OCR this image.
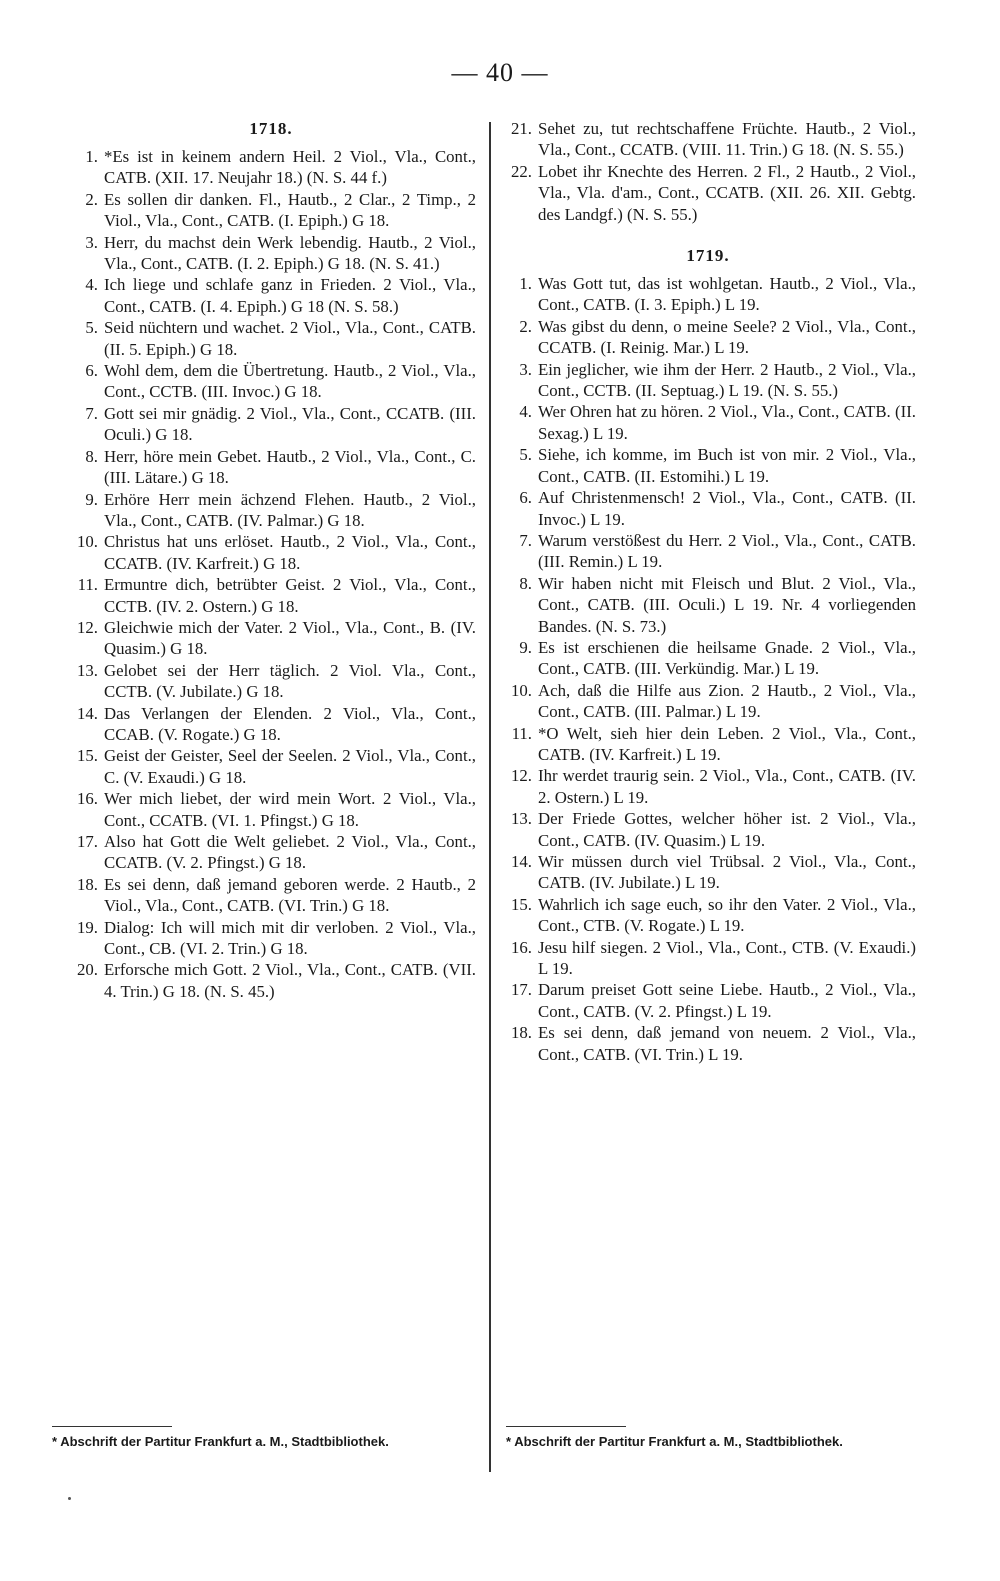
— 40 —
1718.
1. *Es ist in keinem andern Heil. 2 Viol., Vla., Cont., CATB. (XII. 17. Neujahr 18.) (N. S. 44 f.)
2. Es sollen dir danken. Fl., Hautb., 2 Clar., 2 Timp., 2 Viol., Vla., Cont., CATB. (I. Epiph.) G 18.
3. Herr, du machst dein Werk lebendig. Hautb., 2 Viol., Vla., Cont., CATB. (I. 2. Epiph.) G 18. (N. S. 41.)
4. Ich liege und schlafe ganz in Frieden. 2 Viol., Vla., Cont., CATB. (I. 4. Epiph.) G 18 (N. S. 58.)
5. Seid nüchtern und wachet. 2 Viol., Vla., Cont., CATB. (II. 5. Epiph.) G 18.
6. Wohl dem, dem die Übertretung. Hautb., 2 Viol., Vla., Cont., CCTB. (III. Invoc.) G 18.
7. Gott sei mir gnädig. 2 Viol., Vla., Cont., CCATB. (III. Oculi.) G 18.
8. Herr, höre mein Gebet. Hautb., 2 Viol., Vla., Cont., C. (III. Lätare.) G 18.
9. Erhöre Herr mein ächzend Flehen. Hautb., 2 Viol., Vla., Cont., CATB. (IV. Palmar.) G 18.
10. Christus hat uns erlöset. Hautb., 2 Viol., Vla., Cont., CCATB. (IV. Karfreit.) G 18.
11. Ermuntre dich, betrübter Geist. 2 Viol., Vla., Cont., CCTB. (IV. 2. Ostern.) G 18.
12. Gleichwie mich der Vater. 2 Viol., Vla., Cont., B. (IV. Quasim.) G 18.
13. Gelobet sei der Herr täglich. 2 Viol. Vla., Cont., CCTB. (V. Jubilate.) G 18.
14. Das Verlangen der Elenden. 2 Viol., Vla., Cont., CCAB. (V. Rogate.) G 18.
15. Geist der Geister, Seel der Seelen. 2 Viol., Vla., Cont., C. (V. Exaudi.) G 18.
16. Wer mich liebet, der wird mein Wort. 2 Viol., Vla., Cont., CCATB. (VI. 1. Pfingst.) G 18.
17. Also hat Gott die Welt geliebet. 2 Viol., Vla., Cont., CCATB. (V. 2. Pfingst.) G 18.
18. Es sei denn, daß jemand geboren werde. 2 Hautb., 2 Viol., Vla., Cont., CATB. (VI. Trin.) G 18.
19. Dialog: Ich will mich mit dir verloben. 2 Viol., Vla., Cont., CB. (VI. 2. Trin.) G 18.
20. Erforsche mich Gott. 2 Viol., Vla., Cont., CATB. (VII. 4. Trin.) G 18. (N. S. 45.)
21. Sehet zu, tut rechtschaffene Früchte. Hautb., 2 Viol., Vla., Cont., CCATB. (VIII. 11. Trin.) G 18. (N. S. 55.)
22. Lobet ihr Knechte des Herren. 2 Fl., 2 Hautb., 2 Viol., Vla., Vla. d'am., Cont., CCATB. (XII. 26. XII. Gebtg. des Landgf.) (N. S. 55.)
1719.
1. Was Gott tut, das ist wohlgetan. Hautb., 2 Viol., Vla., Cont., CATB. (I. 3. Epiph.) L 19.
2. Was gibst du denn, o meine Seele? 2 Viol., Vla., Cont., CCATB. (I. Reinig. Mar.) L 19.
3. Ein jeglicher, wie ihm der Herr. 2 Hautb., 2 Viol., Vla., Cont., CCTB. (II. Septuag.) L 19. (N. S. 55.)
4. Wer Ohren hat zu hören. 2 Viol., Vla., Cont., CATB. (II. Sexag.) L 19.
5. Siehe, ich komme, im Buch ist von mir. 2 Viol., Vla., Cont., CATB. (II. Estomihi.) L 19.
6. Auf Christenmensch! 2 Viol., Vla., Cont., CATB. (II. Invoc.) L 19.
7. Warum verstößest du Herr. 2 Viol., Vla., Cont., CATB. (III. Remin.) L 19.
8. Wir haben nicht mit Fleisch und Blut. 2 Viol., Vla., Cont., CATB. (III. Oculi.) L 19. Nr. 4 vorliegenden Bandes. (N. S. 73.)
9. Es ist erschienen die heilsame Gnade. 2 Viol., Vla., Cont., CATB. (III. Verkündig. Mar.) L 19.
10. Ach, daß die Hilfe aus Zion. 2 Hautb., 2 Viol., Vla., Cont., CATB. (III. Palmar.) L 19.
11. *O Welt, sieh hier dein Leben. 2 Viol., Vla., Cont., CATB. (IV. Karfreit.) L 19.
12. Ihr werdet traurig sein. 2 Viol., Vla., Cont., CATB. (IV. 2. Ostern.) L 19.
13. Der Friede Gottes, welcher höher ist. 2 Viol., Vla., Cont., CATB. (IV. Quasim.) L 19.
14. Wir müssen durch viel Trübsal. 2 Viol., Vla., Cont., CATB. (IV. Jubilate.) L 19.
15. Wahrlich ich sage euch, so ihr den Vater. 2 Viol., Vla., Cont., CTB. (V. Rogate.) L 19.
16. Jesu hilf siegen. 2 Viol., Vla., Cont., CTB. (V. Exaudi.) L 19.
17. Darum preiset Gott seine Liebe. Hautb., 2 Viol., Vla., Cont., CATB. (V. 2. Pfingst.) L 19.
18. Es sei denn, daß jemand von neuem. 2 Viol., Vla., Cont., CATB. (VI. Trin.) L 19.
* Abschrift der Partitur Frankfurt a. M., Stadtbibliothek.	* Abschrift der Partitur Frankfurt a. M., Stadtbibliothek.
